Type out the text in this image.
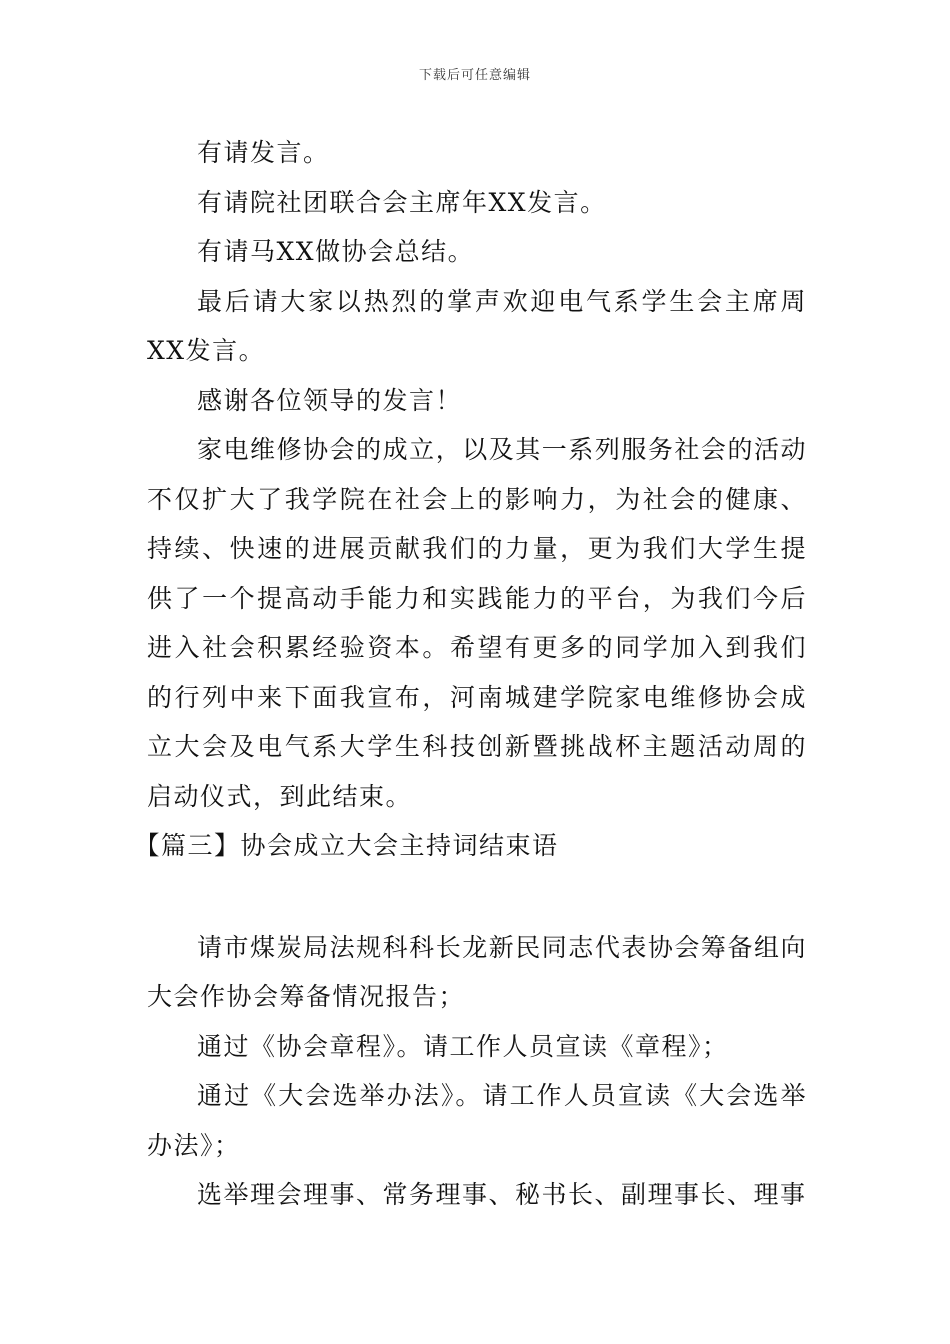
下载后可任意编辑

有请发言。

有请院社团联合会主席年XX发言。

有请马XX做协会总结。

最后请大家以热烈的掌声欢迎电气系学生会主席周XX发言。

感谢各位领导的发言！

家电维修协会的成立，以及其一系列服务社会的活动不仅扩大了我学院在社会上的影响力，为社会的健康、持续、快速的进展贡献我们的力量，更为我们大学生提供了一个提高动手能力和实践能力的平台，为我们今后进入社会积累经验资本。希望有更多的同学加入到我们的行列中来下面我宣布，河南城建学院家电维修协会成立大会及电气系大学生科技创新暨挑战杯主题活动周的启动仪式，到此结束。

【篇三】协会成立大会主持词结束语

请市煤炭局法规科科长龙新民同志代表协会筹备组向大会作协会筹备情况报告；

通过《协会章程》。请工作人员宣读《章程》；

通过《大会选举办法》。请工作人员宣读《大会选举办法》；

选举理会理事、常务理事、秘书长、副理事长、理事
